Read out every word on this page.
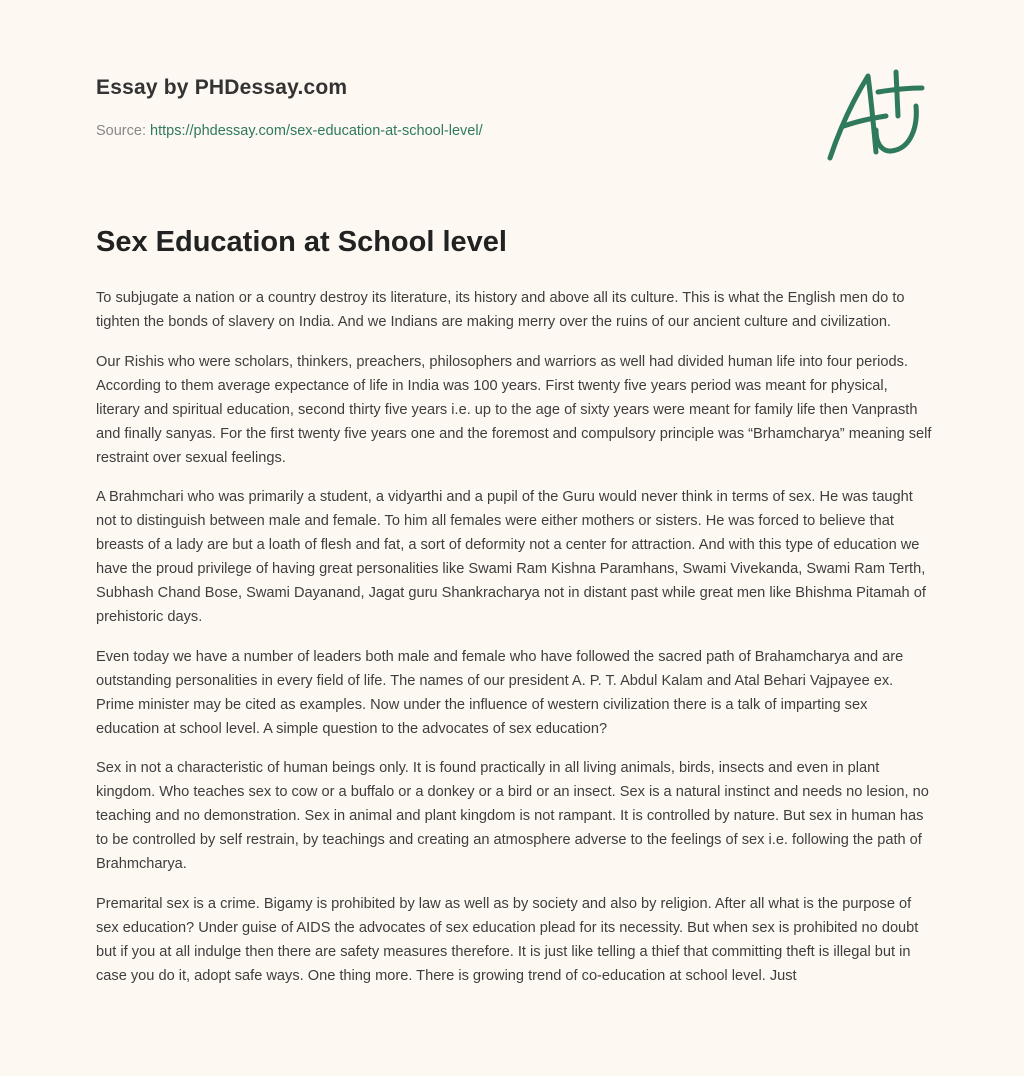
Essay by PHDessay.com
Source: https://phdessay.com/sex-education-at-school-level/
Sex Education at School level

To subjugate a nation or a country destroy its literature, its history and above all its culture. This is what the English men do to tighten the bonds of slavery on India. And we Indians are making merry over the ruins of our ancient culture and civilization.

Our Rishis who were scholars, thinkers, preachers, philosophers and warriors as well had divided human life into four periods. According to them average expectance of life in India was 100 years. First twenty five years period was meant for physical, literary and spiritual education, second thirty five years i.e. up to the age of sixty years were meant for family life then Vanprasth and finally sanyas. For the first twenty five years one and the foremost and compulsory principle was “Brhamcharya” meaning self restraint over sexual feelings.

A Brahmchari who was primarily a student, a vidyarthi and a pupil of the Guru would never think in terms of sex. He was taught not to distinguish between male and female. To him all females were either mothers or sisters. He was forced to believe that breasts of a lady are but a loath of flesh and fat, a sort of deformity not a center for attraction. And with this type of education we have the proud privilege of having great personalities like Swami Ram Kishna Paramhans, Swami Vivekanda, Swami Ram Terth, Subhash Chand Bose, Swami Dayanand, Jagat guru Shankracharya not in distant past while great men like Bhishma Pitamah of prehistoric days.

Even today we have a number of leaders both male and female who have followed the sacred path of Brahamcharya and are outstanding personalities in every field of life. The names of our president A. P. T. Abdul Kalam and Atal Behari Vajpayee ex. Prime minister may be cited as examples. Now under the influence of western civilization there is a talk of imparting sex education at school level. A simple question to the advocates of sex education?

Sex in not a characteristic of human beings only. It is found practically in all living animals, birds, insects and even in plant kingdom. Who teaches sex to cow or a buffalo or a donkey or a bird or an insect. Sex is a natural instinct and needs no lesion, no teaching and no demonstration. Sex in animal and plant kingdom is not rampant. It is controlled by nature. But sex in human has to be controlled by self restrain, by teachings and creating an atmosphere adverse to the feelings of sex i.e. following the path of Brahmcharya.

Premarital sex is a crime. Bigamy is prohibited by law as well as by society and also by religion. After all what is the purpose of sex education? Under guise of AIDS the advocates of sex education plead for its necessity. But when sex is prohibited no doubt but if you at all indulge then there are safety measures therefore. It is just like telling a thief that committing theft is illegal but in case you do it, adopt safe ways. One thing more. There is growing trend of co-education at school level. Just
